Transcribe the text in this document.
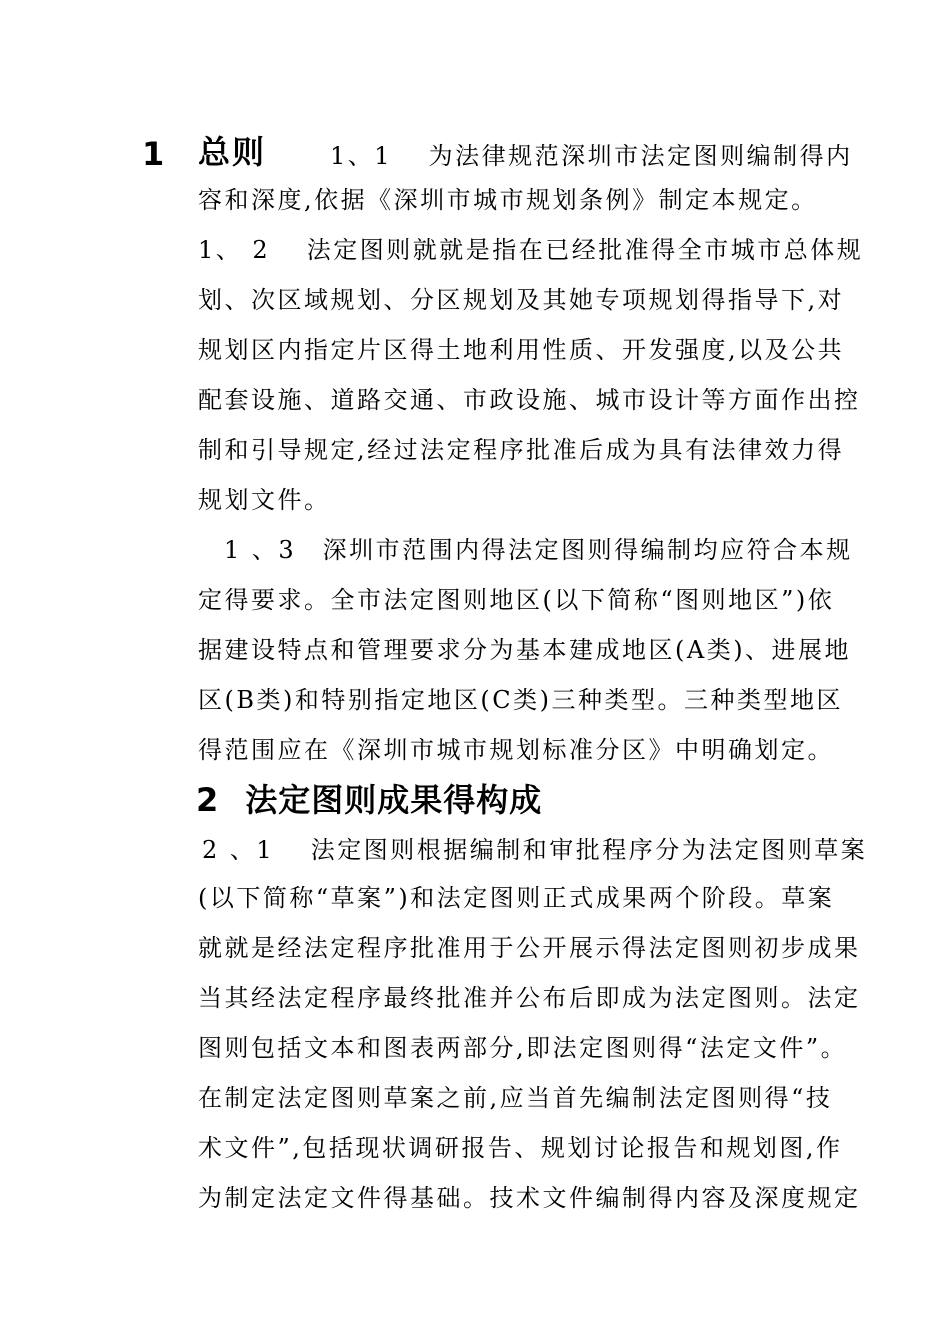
1 总则	1、1　 为法律规范深圳市法定图则编制得内
容和深度,依据《深圳市城市规划条例》制定本规定。
1、 2　 法定图则就就是指在已经批准得全市城市总体规
划、次区域规划、分区规划及其她专项规划得指导下,对
规划区内指定片区得土地利用性质、开发强度,以及公共
配套设施、道路交通、市政设施、城市设计等方面作出控
制和引导规定,经过法定程序批准后成为具有法律效力得
规划文件。
1 、3　深圳市范围内得法定图则得编制均应符合本规
定得要求。全市法定图则地区(以下简称“图则地区”)依
据建设特点和管理要求分为基本建成地区(A类)、进展地
区(B类)和特别指定地区(C类)三种类型。三种类型地区
得范围应在《深圳市城市规划标准分区》中明确划定。
2 法定图则成果得构成
2 、1　 法定图则根据编制和审批程序分为法定图则草案
(以下简称“草案”)和法定图则正式成果两个阶段。草案
就就是经法定程序批准用于公开展示得法定图则初步成果
当其经法定程序最终批准并公布后即成为法定图则。法定
图则包括文本和图表两部分,即法定图则得“法定文件”。
在制定法定图则草案之前,应当首先编制法定图则得“技
术文件”,包括现状调研报告、规划讨论报告和规划图,作
为制定法定文件得基础。技术文件编制得内容及深度规定
